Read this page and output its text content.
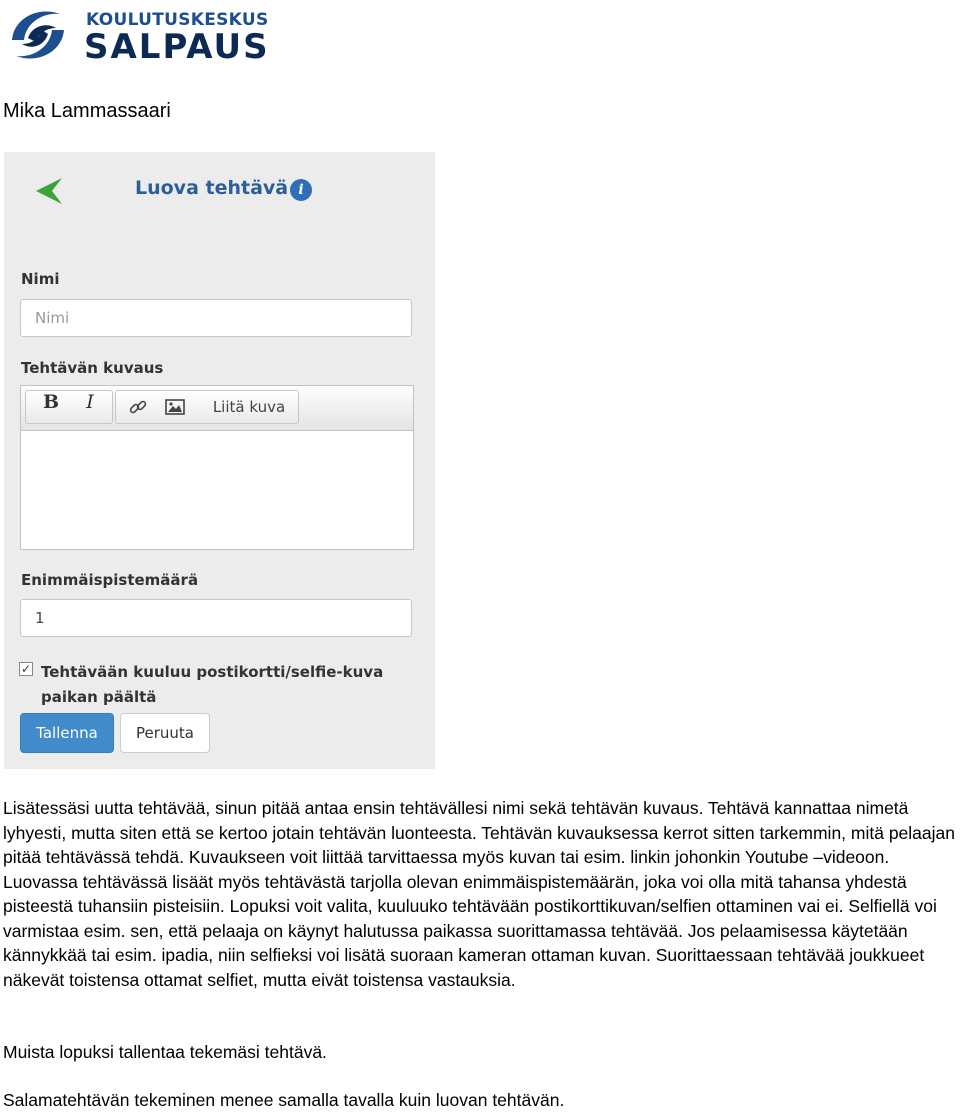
KOULUTUSKESKUS
SALPAUS
Mika Lammassaari
Luova tehtävä i
Nimi
Nimi
Tehtävän kuvaus
B	I	Liitä kuva
Enimmäispistemäärä
1
✓ Tehtävään kuuluu postikortti/selfie-kuva paikan päältä
Tallenna	Peruuta
Lisätessäsi uutta tehtävää, sinun pitää antaa ensin tehtävällesi nimi sekä tehtävän kuvaus. Tehtävä kannattaa nimetä lyhyesti, mutta siten että se kertoo jotain tehtävän luonteesta. Tehtävän kuvauksessa kerrot sitten tarkemmin, mitä pelaajan pitää tehtävässä tehdä. Kuvaukseen voit liittää tarvittaessa myös kuvan tai esim. linkin johonkin Youtube –videoon. Luovassa tehtävässä lisäät myös tehtävästä tarjolla olevan enimmäispistemäärän, joka voi olla mitä tahansa yhdestä pisteestä tuhansiin pisteisiin. Lopuksi voit valita, kuuluuko tehtävään postikorttikuvan/selfien ottaminen vai ei. Selfiellä voi varmistaa esim. sen, että pelaaja on käynyt halutussa paikassa suorittamassa tehtävää. Jos pelaamisessa käytetään kännykkää tai esim. ipadia, niin selfieksi voi lisätä suoraan kameran ottaman kuvan. Suorittaessaan tehtävää joukkueet näkevät toistensa ottamat selfiet, mutta eivät toistensa vastauksia.
Muista lopuksi tallentaa tekemäsi tehtävä.
Salamatehtävän tekeminen menee samalla tavalla kuin luovan tehtävän.
